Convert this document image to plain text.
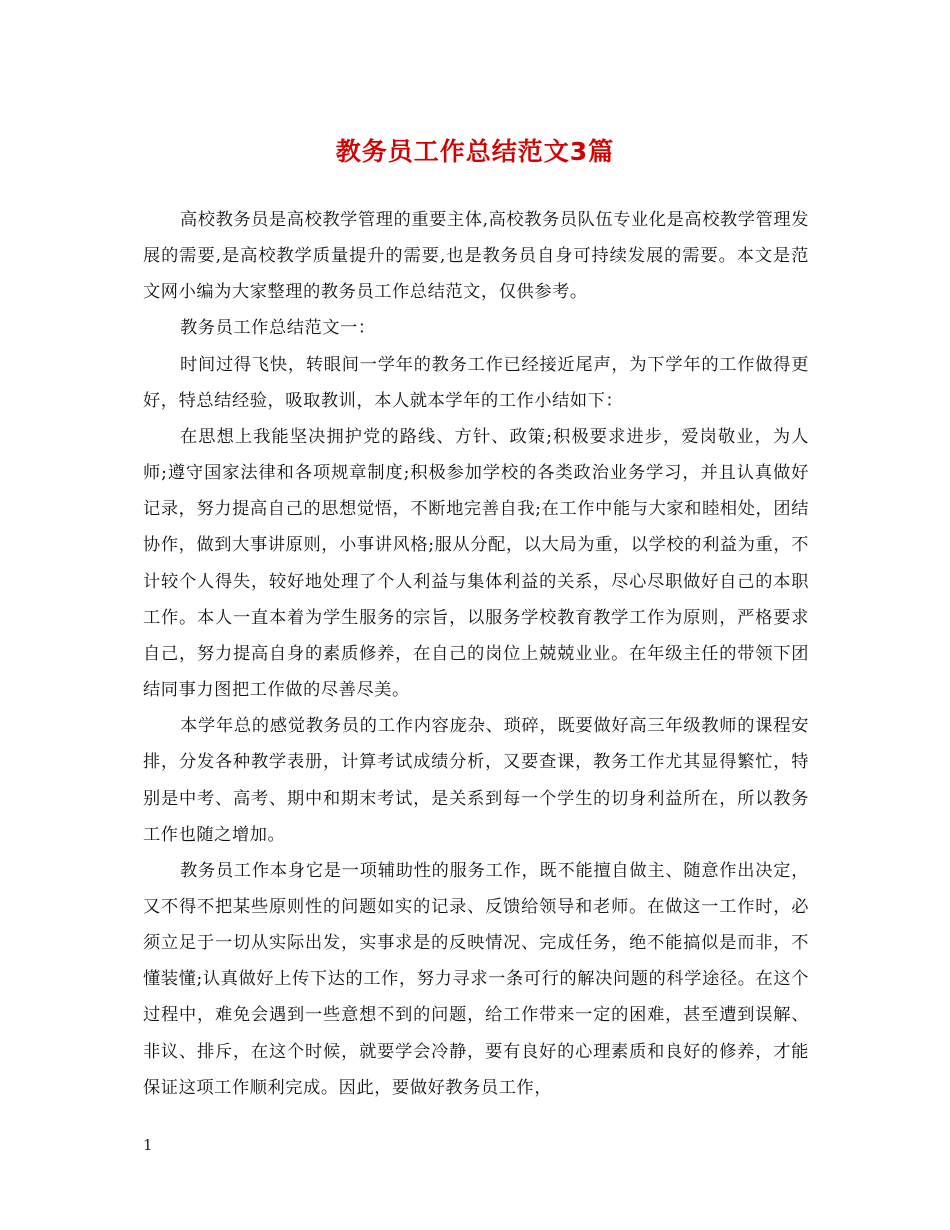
教务员工作总结范文3篇

高校教务员是高校教学管理的重要主体,高校教务员队伍专业化是高校教学管理发展的需要,是高校教学质量提升的需要,也是教务员自身可持续发展的需要。本文是范文网小编为大家整理的教务员工作总结范文，仅供参考。

教务员工作总结范文一：

时间过得飞快，转眼间一学年的教务工作已经接近尾声，为下学年的工作做得更好，特总结经验，吸取教训，本人就本学年的工作小结如下：

在思想上我能坚决拥护党的路线、方针、政策;积极要求进步，爱岗敬业，为人师;遵守国家法律和各项规章制度;积极参加学校的各类政治业务学习，并且认真做好记录，努力提高自己的思想觉悟，不断地完善自我;在工作中能与大家和睦相处，团结协作，做到大事讲原则，小事讲风格;服从分配，以大局为重，以学校的利益为重，不计较个人得失，较好地处理了个人利益与集体利益的关系，尽心尽职做好自己的本职工作。本人一直本着为学生服务的宗旨，以服务学校教育教学工作为原则，严格要求自己，努力提高自身的素质修养，在自己的岗位上兢兢业业。在年级主任的带领下团结同事力图把工作做的尽善尽美。

本学年总的感觉教务员的工作内容庞杂、琐碎，既要做好高三年级教师的课程安排，分发各种教学表册，计算考试成绩分析，又要查课，教务工作尤其显得繁忙，特别是中考、高考、期中和期末考试，是关系到每一个学生的切身利益所在，所以教务工作也随之增加。

教务员工作本身它是一项辅助性的服务工作，既不能擅自做主、随意作出决定，又不得不把某些原则性的问题如实的记录、反馈给领导和老师。在做这一工作时，必须立足于一切从实际出发，实事求是的反映情况、完成任务，绝不能搞似是而非，不懂装懂;认真做好上传下达的工作，努力寻求一条可行的解决问题的科学途径。在这个过程中，难免会遇到一些意想不到的问题，给工作带来一定的困难，甚至遭到误解、非议、排斥，在这个时候，就要学会冷静，要有良好的心理素质和良好的修养，才能保证这项工作顺利完成。因此，要做好教务员工作，

1
